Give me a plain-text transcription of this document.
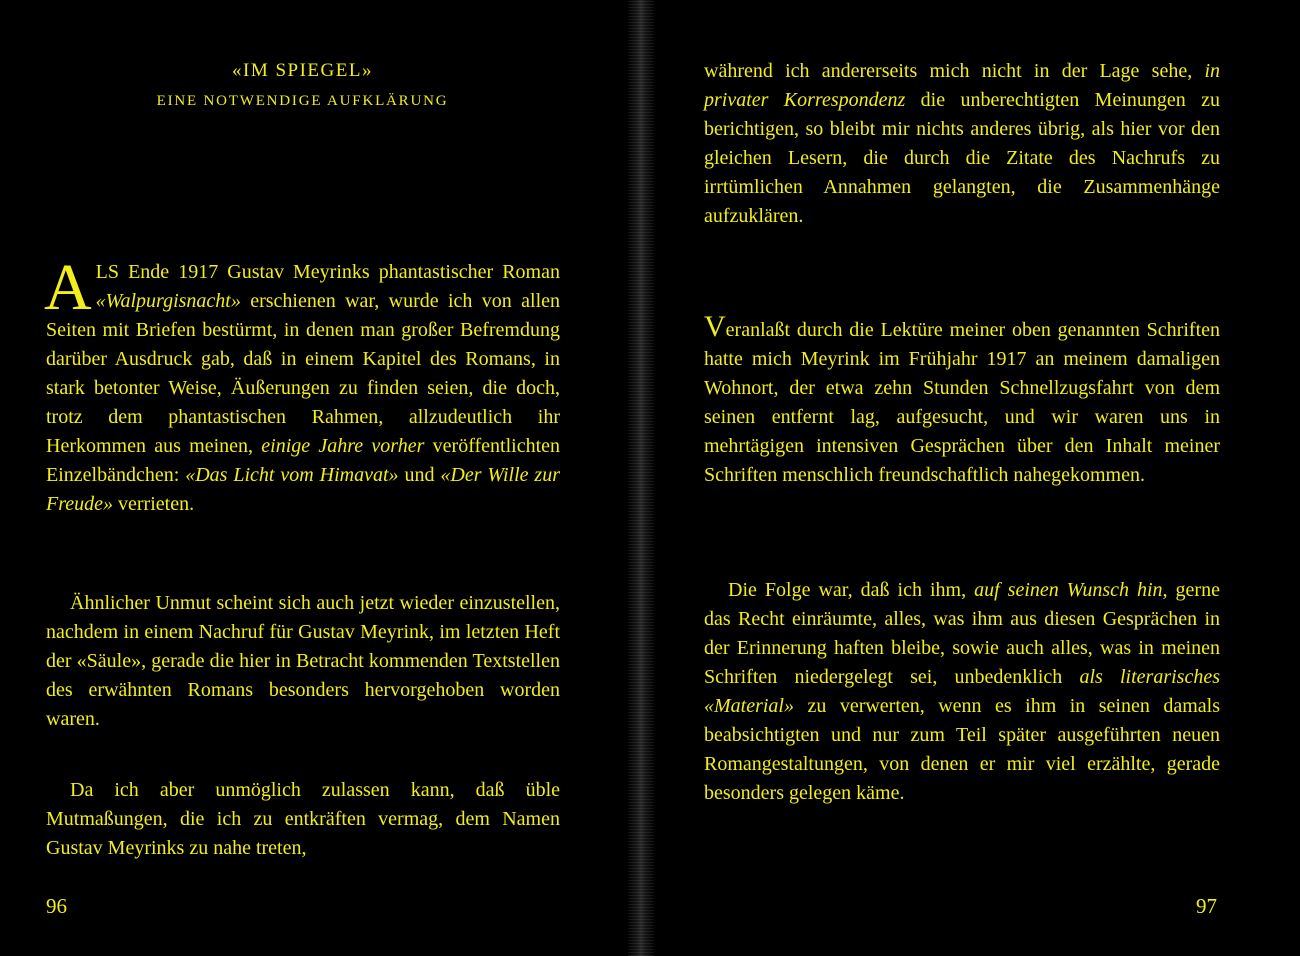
«IM SPIEGEL»
EINE NOTWENDIGE AUFKLÄRUNG

ALS Ende 1917 Gustav Meyrinks phantastischer Roman «Walpurgisnacht» erschienen war, wurde ich von allen Seiten mit Briefen bestürmt, in denen man großer Befremdung darüber Ausdruck gab, daß in einem Kapitel des Romans, in stark betonter Weise, Äußerungen zu finden seien, die doch, trotz dem phantastischen Rahmen, allzudeutlich ihr Herkommen aus meinen, einige Jahre vorher veröffentlichten Einzelbändchen: «Das Licht vom Himavat» und «Der Wille zur Freude» verrieten.

Ähnlicher Unmut scheint sich auch jetzt wieder einzustellen, nachdem in einem Nachruf für Gustav Meyrink, im letzten Heft der «Säule», gerade die hier in Betracht kommenden Textstellen des erwähnten Romans besonders hervorgehoben worden waren.

Da ich aber unmöglich zulassen kann, daß üble Mutmaßungen, die ich zu entkräften vermag, dem Namen Gustav Meyrinks zu nahe treten,

96

während ich andererseits mich nicht in der Lage sehe, in privater Korrespondenz die unberechtigten Meinungen zu berichtigen, so bleibt mir nichts anderes übrig, als hier vor den gleichen Lesern, die durch die Zitate des Nachrufs zu irrtümlichen Annahmen gelangten, die Zusammenhänge aufzuklären.

Veranlaßt durch die Lektüre meiner oben genannten Schriften hatte mich Meyrink im Frühjahr 1917 an meinem damaligen Wohnort, der etwa zehn Stunden Schnellzugsfahrt von dem seinen entfernt lag, aufgesucht, und wir waren uns in mehrtägigen intensiven Gesprächen über den Inhalt meiner Schriften menschlich freundschaftlich nahegekommen.

Die Folge war, daß ich ihm, auf seinen Wunsch hin, gerne das Recht einräumte, alles, was ihm aus diesen Gesprächen in der Erinnerung haften bleibe, sowie auch alles, was in meinen Schriften niedergelegt sei, unbedenklich als literarisches «Material» zu verwerten, wenn es ihm in seinen damals beabsichtigten und nur zum Teil später ausgeführten neuen Romangestaltungen, von denen er mir viel erzählte, gerade besonders gelegen käme.

97
